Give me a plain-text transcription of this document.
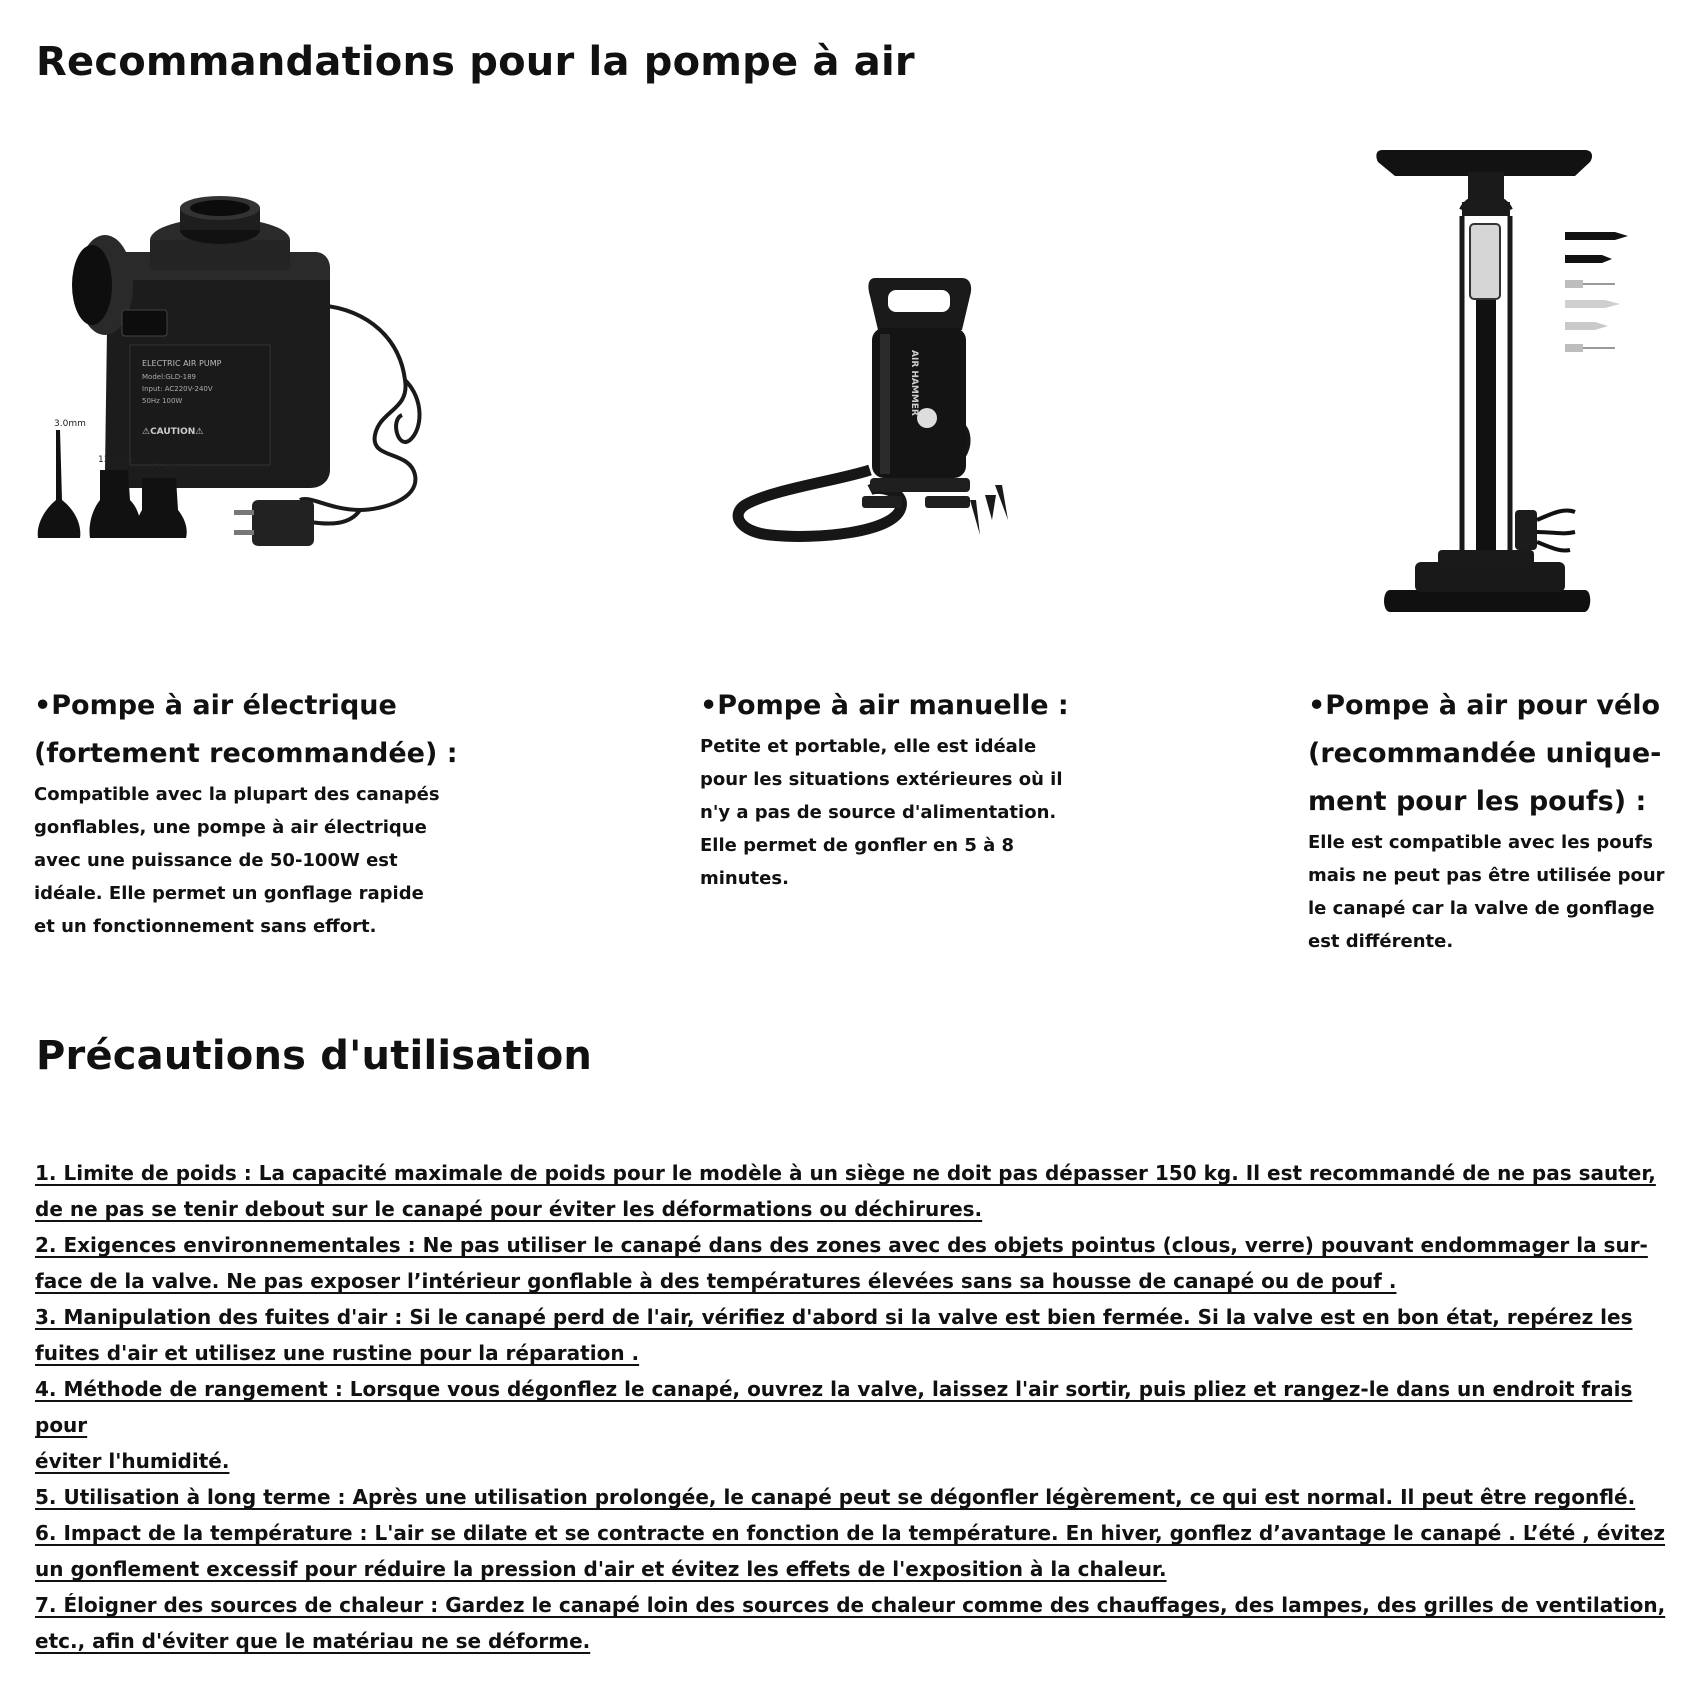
Recommandations pour la pompe à air
ELECTRIC AIR PUMP
Model:GLD-189
Input: AC220V-240V
50Hz 100W
⚠CAUTION⚠
3.0mm
13.3mm
17.4mm
AIR HAMMER
•Pompe à air électrique
(fortement recommandée) :
Compatible avec la plupart des canapés
gonflables, une pompe à air électrique
avec une puissance de 50-100W est
idéale. Elle permet un gonflage rapide
et un fonctionnement sans effort.
•Pompe à air manuelle :
Petite et portable, elle est idéale
pour les situations extérieures où il
n'y a pas de source d'alimentation.
Elle permet de gonfler en 5 à 8
minutes.
•Pompe à air pour vélo
(recommandée unique-
ment pour les poufs) :
Elle est compatible avec les poufs
mais ne peut pas être utilisée pour
le canapé car la valve de gonflage
est différente.
Précautions d'utilisation
1. Limite de poids : La capacité maximale de poids pour le modèle à un siège ne doit pas dépasser 150 kg. Il est recommandé de ne pas sauter,
de ne pas se tenir debout sur le canapé pour éviter les déformations ou déchirures.
2. Exigences environnementales : Ne pas utiliser le canapé dans des zones avec des objets pointus (clous, verre) pouvant endommager la sur-
face de la valve. Ne pas exposer l’intérieur gonflable à des températures élevées sans sa housse de canapé ou de pouf .
3. Manipulation des fuites d'air : Si le canapé perd de l'air, vérifiez d'abord si la valve est bien fermée. Si la valve est en bon état, repérez les
fuites d'air et utilisez une rustine pour la réparation .
4. Méthode de rangement : Lorsque vous dégonflez le canapé, ouvrez la valve, laissez l'air sortir, puis pliez et rangez-le dans un endroit frais pour
éviter l'humidité.
5. Utilisation à long terme : Après une utilisation prolongée, le canapé peut se dégonfler légèrement, ce qui est normal. Il peut être regonflé.
6. Impact de la température : L'air se dilate et se contracte en fonction de la température. En hiver, gonflez d’avantage le canapé . L’été , évitez
un gonflement excessif pour réduire la pression d'air et évitez les effets de l'exposition à la chaleur.
7. Éloigner des sources de chaleur : Gardez le canapé loin des sources de chaleur comme des chauffages, des lampes, des grilles de ventilation,
etc., afin d'éviter que le matériau ne se déforme.
